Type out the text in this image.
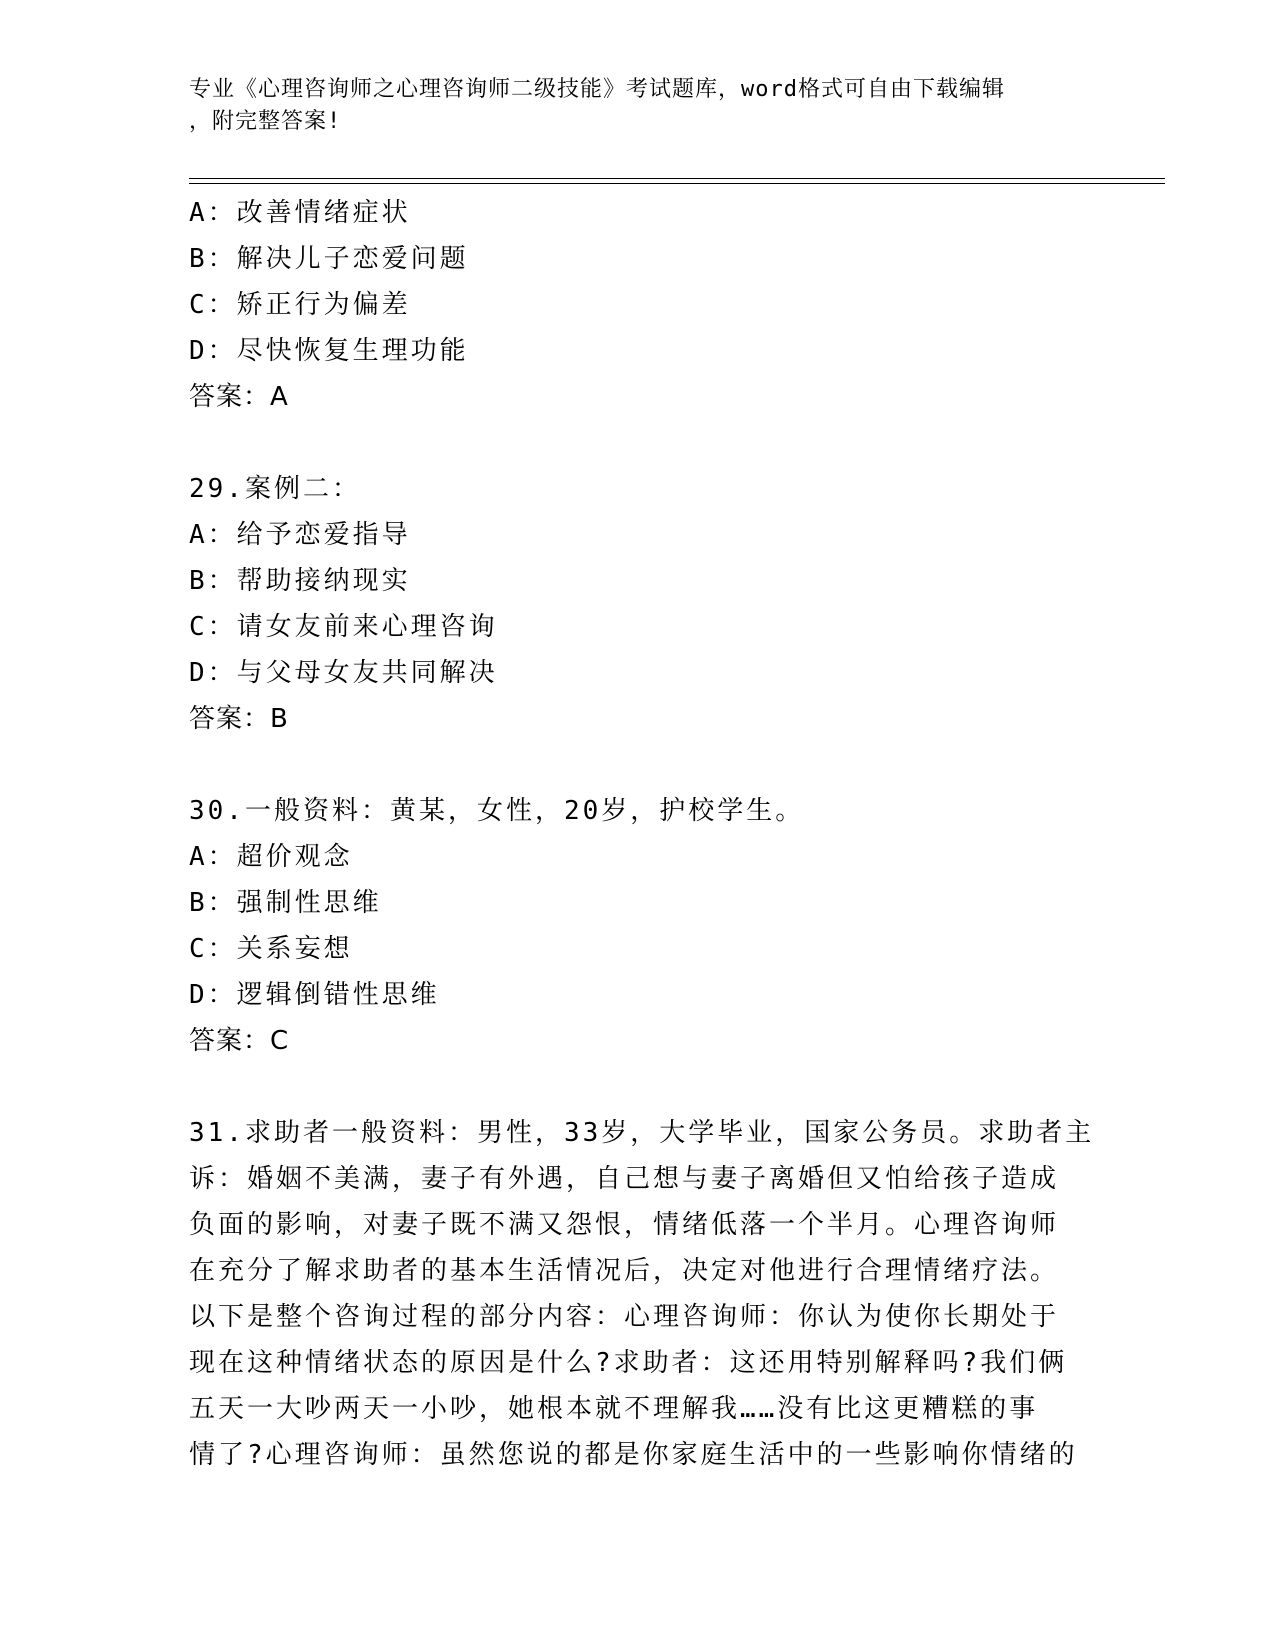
专业《心理咨询师之心理咨询师二级技能》考试题库，word格式可自由下载编辑
，附完整答案!
A：改善情绪症状
B：解决儿子恋爱问题
C：矫正行为偏差
D：尽快恢复生理功能
答案：A
29.案例二：
A：给予恋爱指导
B：帮助接纳现实
C：请女友前来心理咨询
D：与父母女友共同解决
答案：B
30.一般资料：黄某，女性，20岁，护校学生。
A：超价观念
B：强制性思维
C：关系妄想
D：逻辑倒错性思维
答案：C
31.求助者一般资料：男性，33岁，大学毕业，国家公务员。求助者主
诉：婚姻不美满，妻子有外遇，自己想与妻子离婚但又怕给孩子造成
负面的影响，对妻子既不满又怨恨，情绪低落一个半月。心理咨询师
在充分了解求助者的基本生活情况后，决定对他进行合理情绪疗法。
以下是整个咨询过程的部分内容：心理咨询师：你认为使你长期处于
现在这种情绪状态的原因是什么?求助者：这还用特别解释吗?我们俩
五天一大吵两天一小吵，她根本就不理解我……没有比这更糟糕的事
情了?心理咨询师：虽然您说的都是你家庭生活中的一些影响你情绪的
